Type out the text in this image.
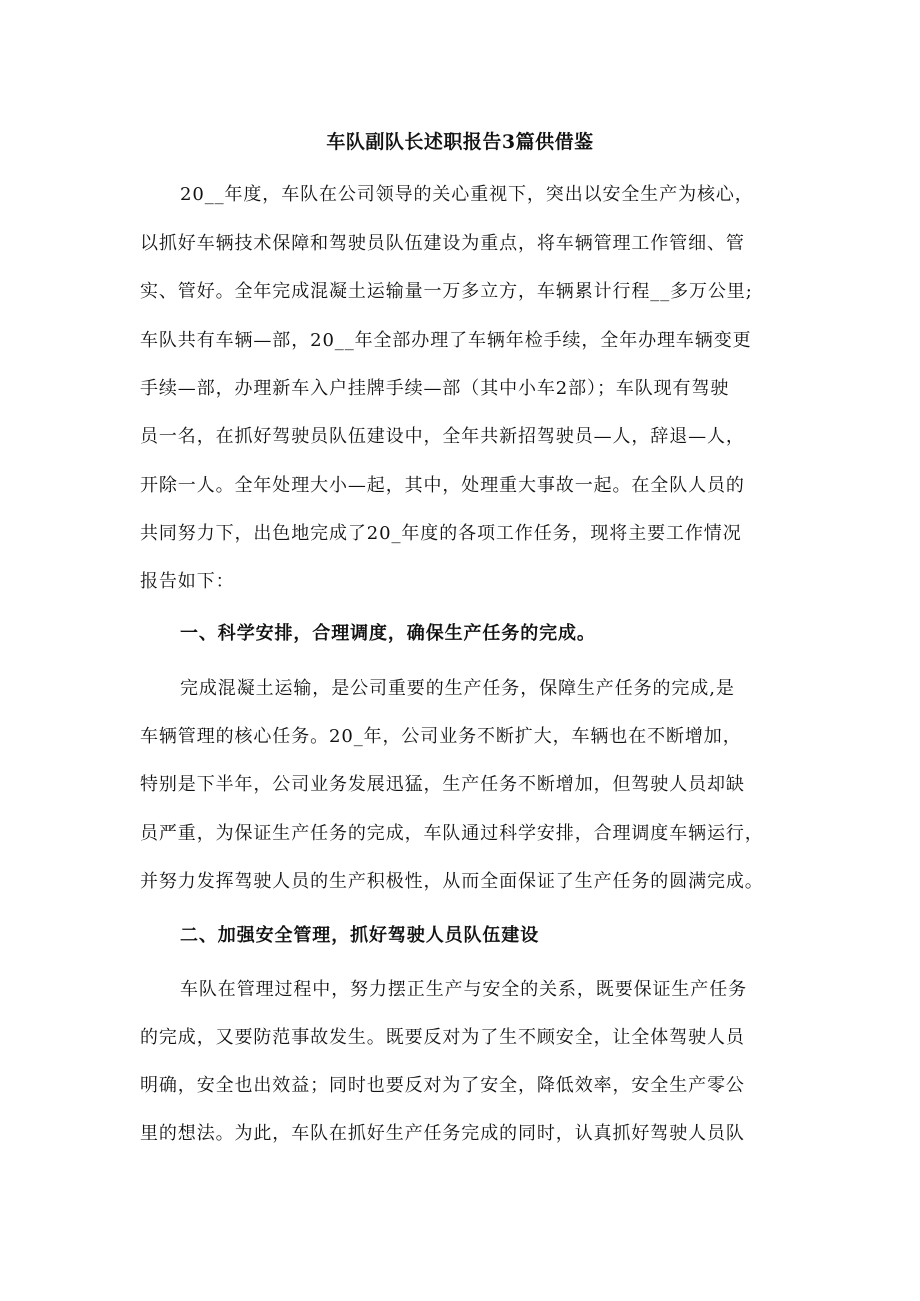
车队副队长述职报告3篇供借鉴
20__年度，车队在公司领导的关心重视下，突出以安全生产为核心，
以抓好车辆技术保障和驾驶员队伍建设为重点，将车辆管理工作管细、管
实、管好。全年完成混凝土运输量一万多立方，车辆累计行程__多万公里;
车队共有车辆—部，20__年全部办理了车辆年检手续，全年办理车辆变更
手续—部，办理新车入户挂牌手续—部（其中小车2部）；车队现有驾驶
员一名，在抓好驾驶员队伍建设中，全年共新招驾驶员—人，辞退—人，
开除一人。全年处理大小—起，其中，处理重大事故一起。在全队人员的
共同努力下，出色地完成了20_年度的各项工作任务，现将主要工作情况
报告如下：
一、科学安排，合理调度，确保生产任务的完成。
完成混凝土运输，是公司重要的生产任务，保障生产任务的完成,是
车辆管理的核心任务。20_年，公司业务不断扩大，车辆也在不断增加，
特别是下半年，公司业务发展迅猛，生产任务不断增加，但驾驶人员却缺
员严重，为保证生产任务的完成，车队通过科学安排，合理调度车辆运行，
并努力发挥驾驶人员的生产积极性，从而全面保证了生产任务的圆满完成。
二、加强安全管理，抓好驾驶人员队伍建设
车队在管理过程中，努力摆正生产与安全的关系，既要保证生产任务
的完成，又要防范事故发生。既要反对为了生不顾安全，让全体驾驶人员
明确，安全也出效益；同时也要反对为了安全，降低效率，安全生产零公
里的想法。为此，车队在抓好生产任务完成的同时，认真抓好驾驶人员队
